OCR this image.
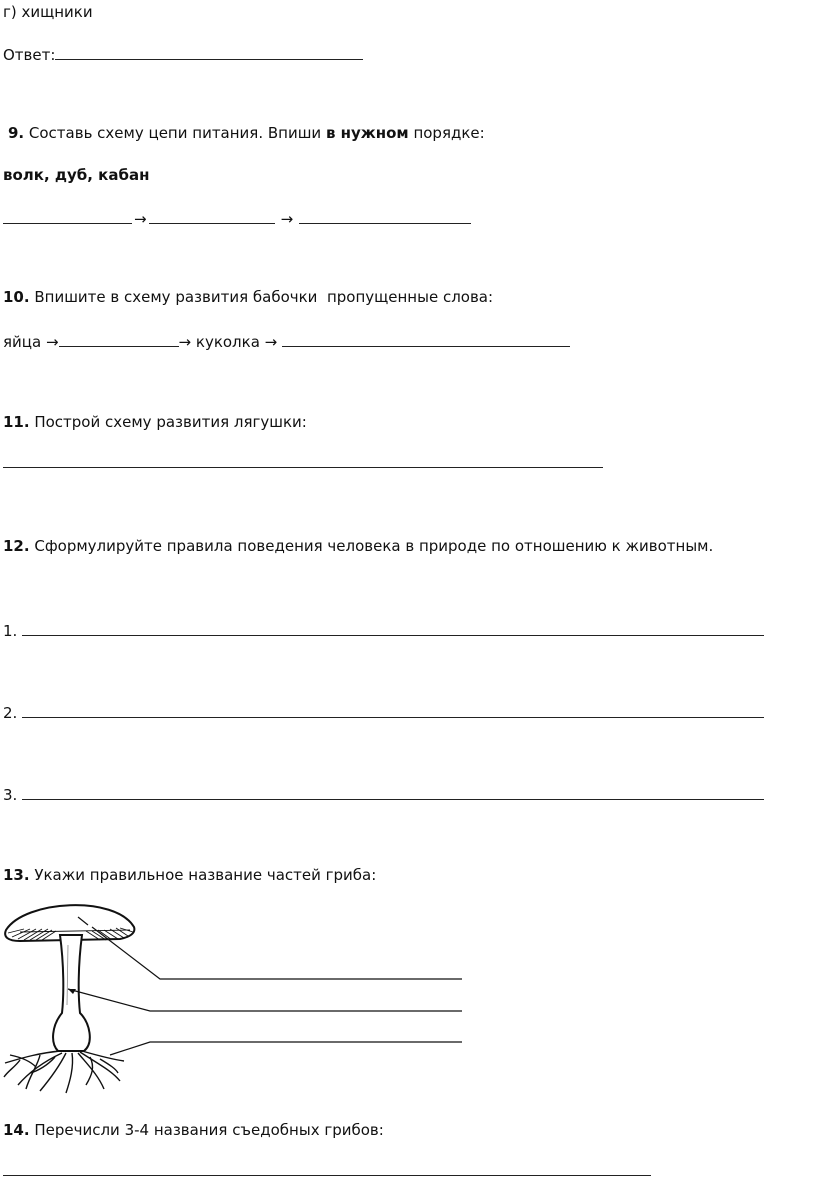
г) хищники
Ответ:
9. Составь схему цепи питания. Впиши в нужном порядке:
волк, дуб, кабан
→	→
10. Впишите в схему развития бабочки  пропущенные слова:
яйца →	→ куколка →
11. Построй схему развития лягушки:
12. Сформулируйте правила поведения человека в природе по отношению к животным.
1.
2.
3.
13. Укажи правильное название частей гриба:
14. Перечисли 3-4 названия съедобных грибов:
